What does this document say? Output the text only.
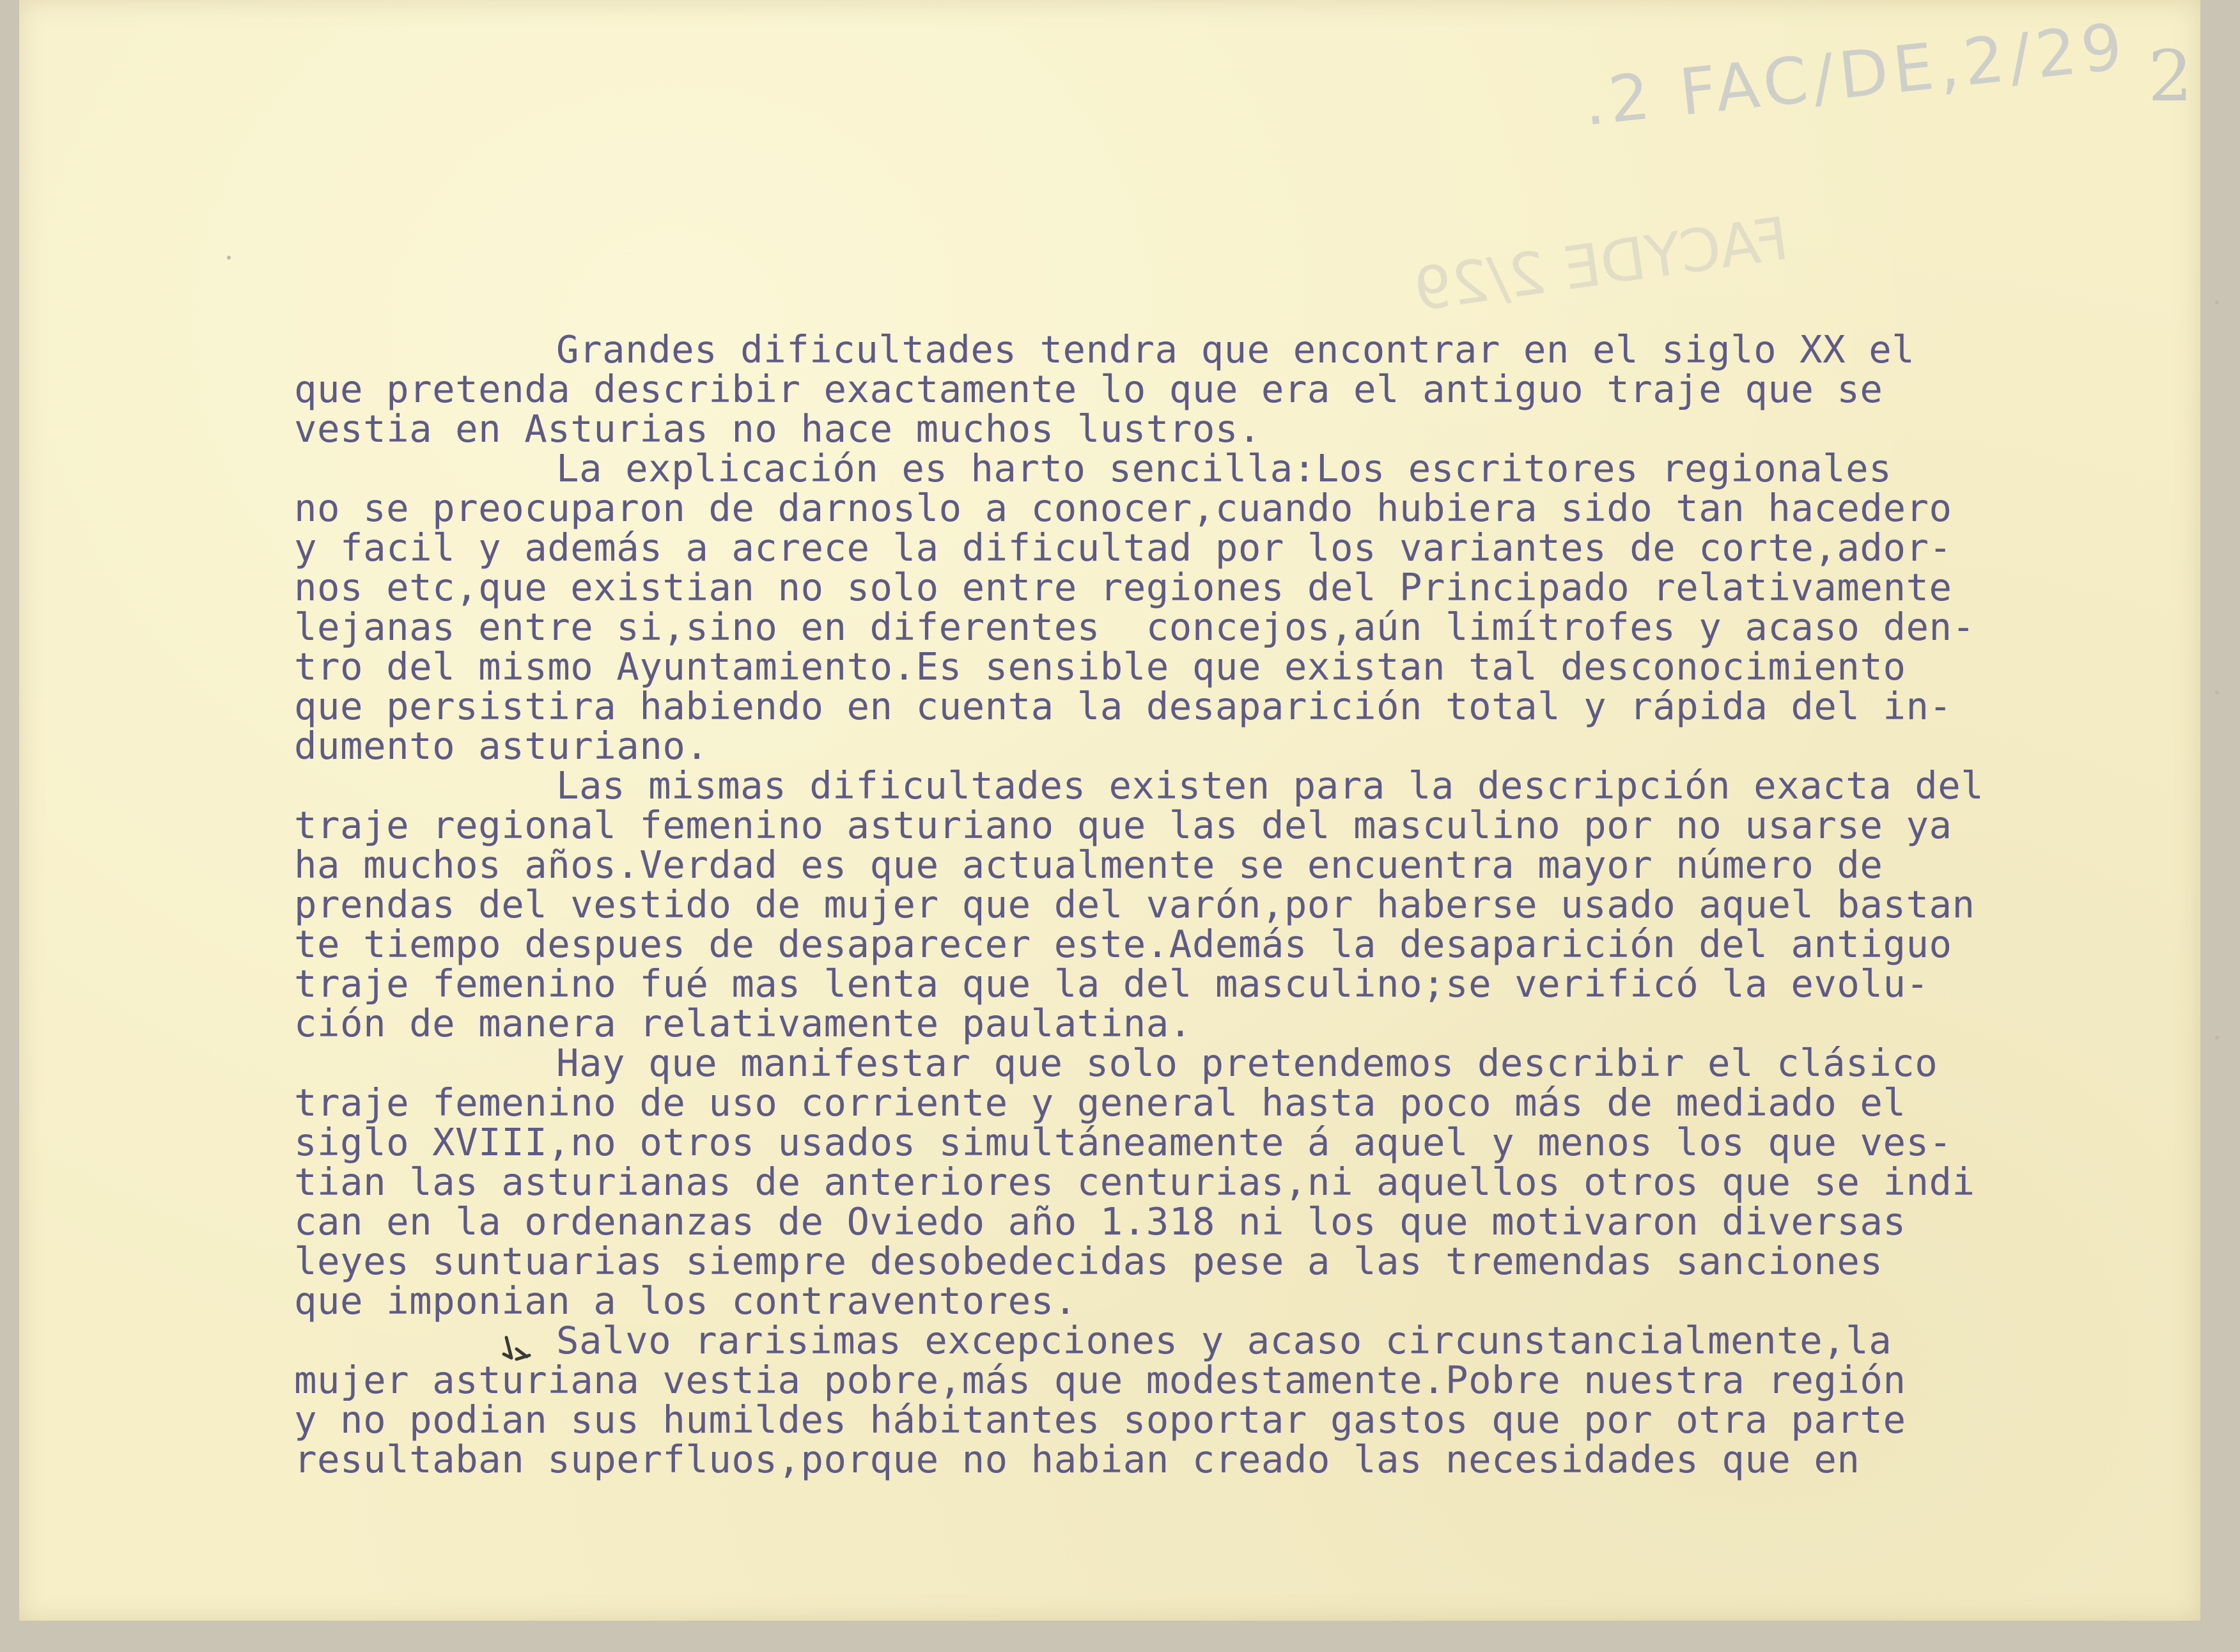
.2 FAC/DE,2/29 2
FACYDE 2/29

Grandes dificultades tendra que encontrar en el siglo XX el

que pretenda describir exactamente lo que era el antiguo traje que se

vestia en Asturias no hace muchos lustros.

La explicación es harto sencilla:Los escritores regionales

no se preocuparon de darnoslo a conocer,cuando hubiera sido tan hacedero

y facil y además a acrece la dificultad por los variantes de corte,ador-

nos etc,que existian no solo entre regiones del Principado relativamente

lejanas entre si,sino en diferentes  concejos,aún limítrofes y acaso den-

tro del mismo Ayuntamiento.Es sensible que existan tal desconocimiento

que persistira habiendo en cuenta la desaparición total y rápida del in-

dumento asturiano.

Las mismas dificultades existen para la descripción exacta del

traje regional femenino asturiano que las del masculino por no usarse ya

ha muchos años.Verdad es que actualmente se encuentra mayor número de

prendas del vestido de mujer que del varón,por haberse usado aquel bastan

te tiempo despues de desaparecer este.Además la desaparición del antiguo

traje femenino fué mas lenta que la del masculino;se verificó la evolu-

ción de manera relativamente paulatina.

Hay que manifestar que solo pretendemos describir el clásico

traje femenino de uso corriente y general hasta poco más de mediado el

siglo XVIII,no otros usados simultáneamente á aquel y menos los que ves-

tian las asturianas de anteriores centurias,ni aquellos otros que se indi

can en la ordenanzas de Oviedo año 1.318 ni los que motivaron diversas

leyes suntuarias siempre desobedecidas pese a las tremendas sanciones

que imponian a los contraventores.

Salvo rarisimas excepciones y acaso circunstancialmente,la

mujer asturiana vestia pobre,más que modestamente.Pobre nuestra región

y no podian sus humildes hábitantes soportar gastos que por otra parte

resultaban superfluos,porque no habian creado las necesidades que en
